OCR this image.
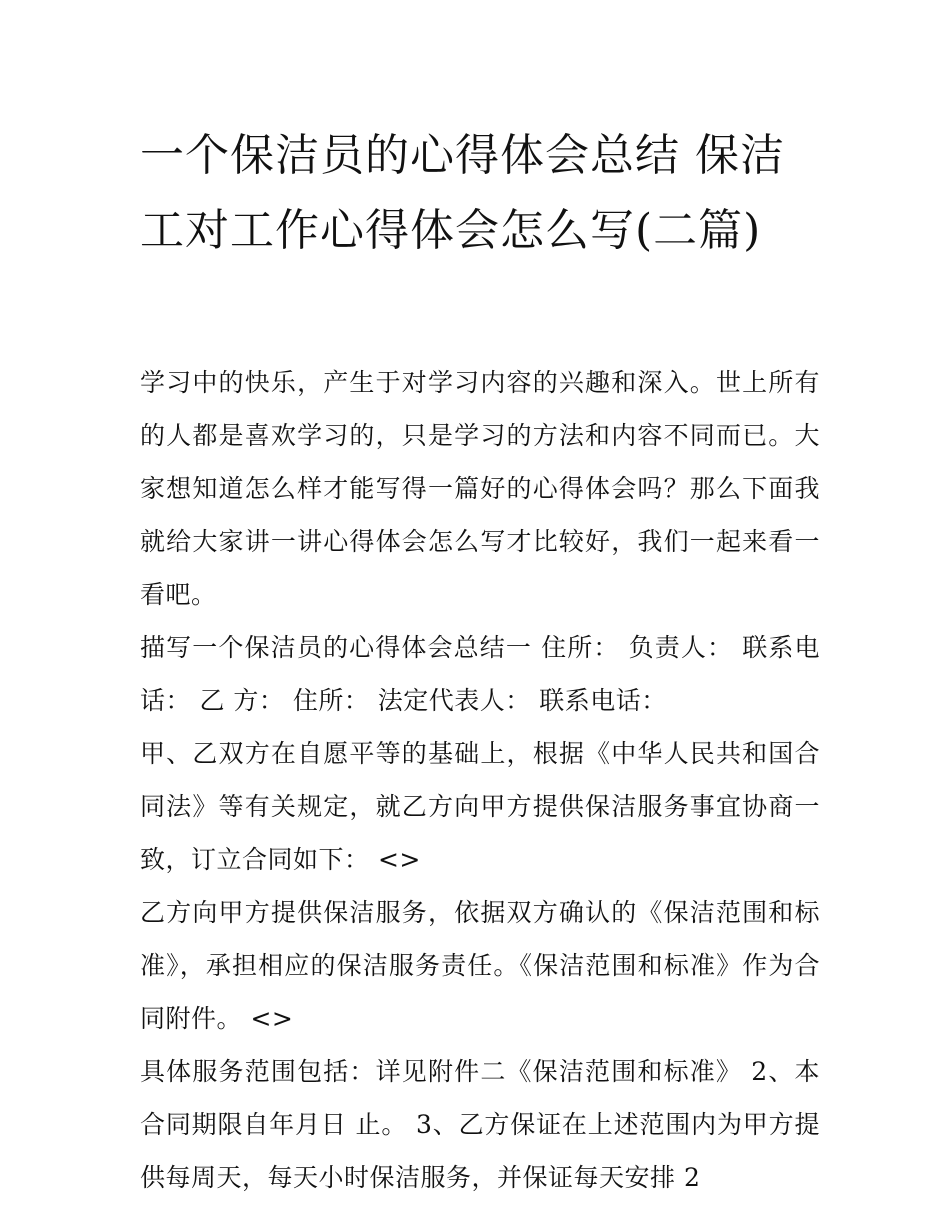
一个保洁员的心得体会总结 保洁工对工作心得体会怎么写(二篇)

学习中的快乐，产生于对学习内容的兴趣和深入。世上所有的人都是喜欢学习的，只是学习的方法和内容不同而已。大家想知道怎么样才能写得一篇好的心得体会吗？那么下面我就给大家讲一讲心得体会怎么写才比较好，我们一起来看一看吧。

描写一个保洁员的心得体会总结一 住所： 负责人： 联系电话： 乙 方： 住所： 法定代表人： 联系电话：

甲、乙双方在自愿平等的基础上，根据《中华人民共和国合同法》等有关规定，就乙方向甲方提供保洁服务事宜协商一致，订立合同如下： <>

乙方向甲方提供保洁服务，依据双方确认的《保洁范围和标准》，承担相应的保洁服务责任。《保洁范围和标准》作为合同附件。 <>

具体服务范围包括：详见附件二《保洁范围和标准》 2、本合同期限自年月日 止。 3、乙方保证在上述范围内为甲方提供每周天，每天小时保洁服务，并保证每天安排 2
